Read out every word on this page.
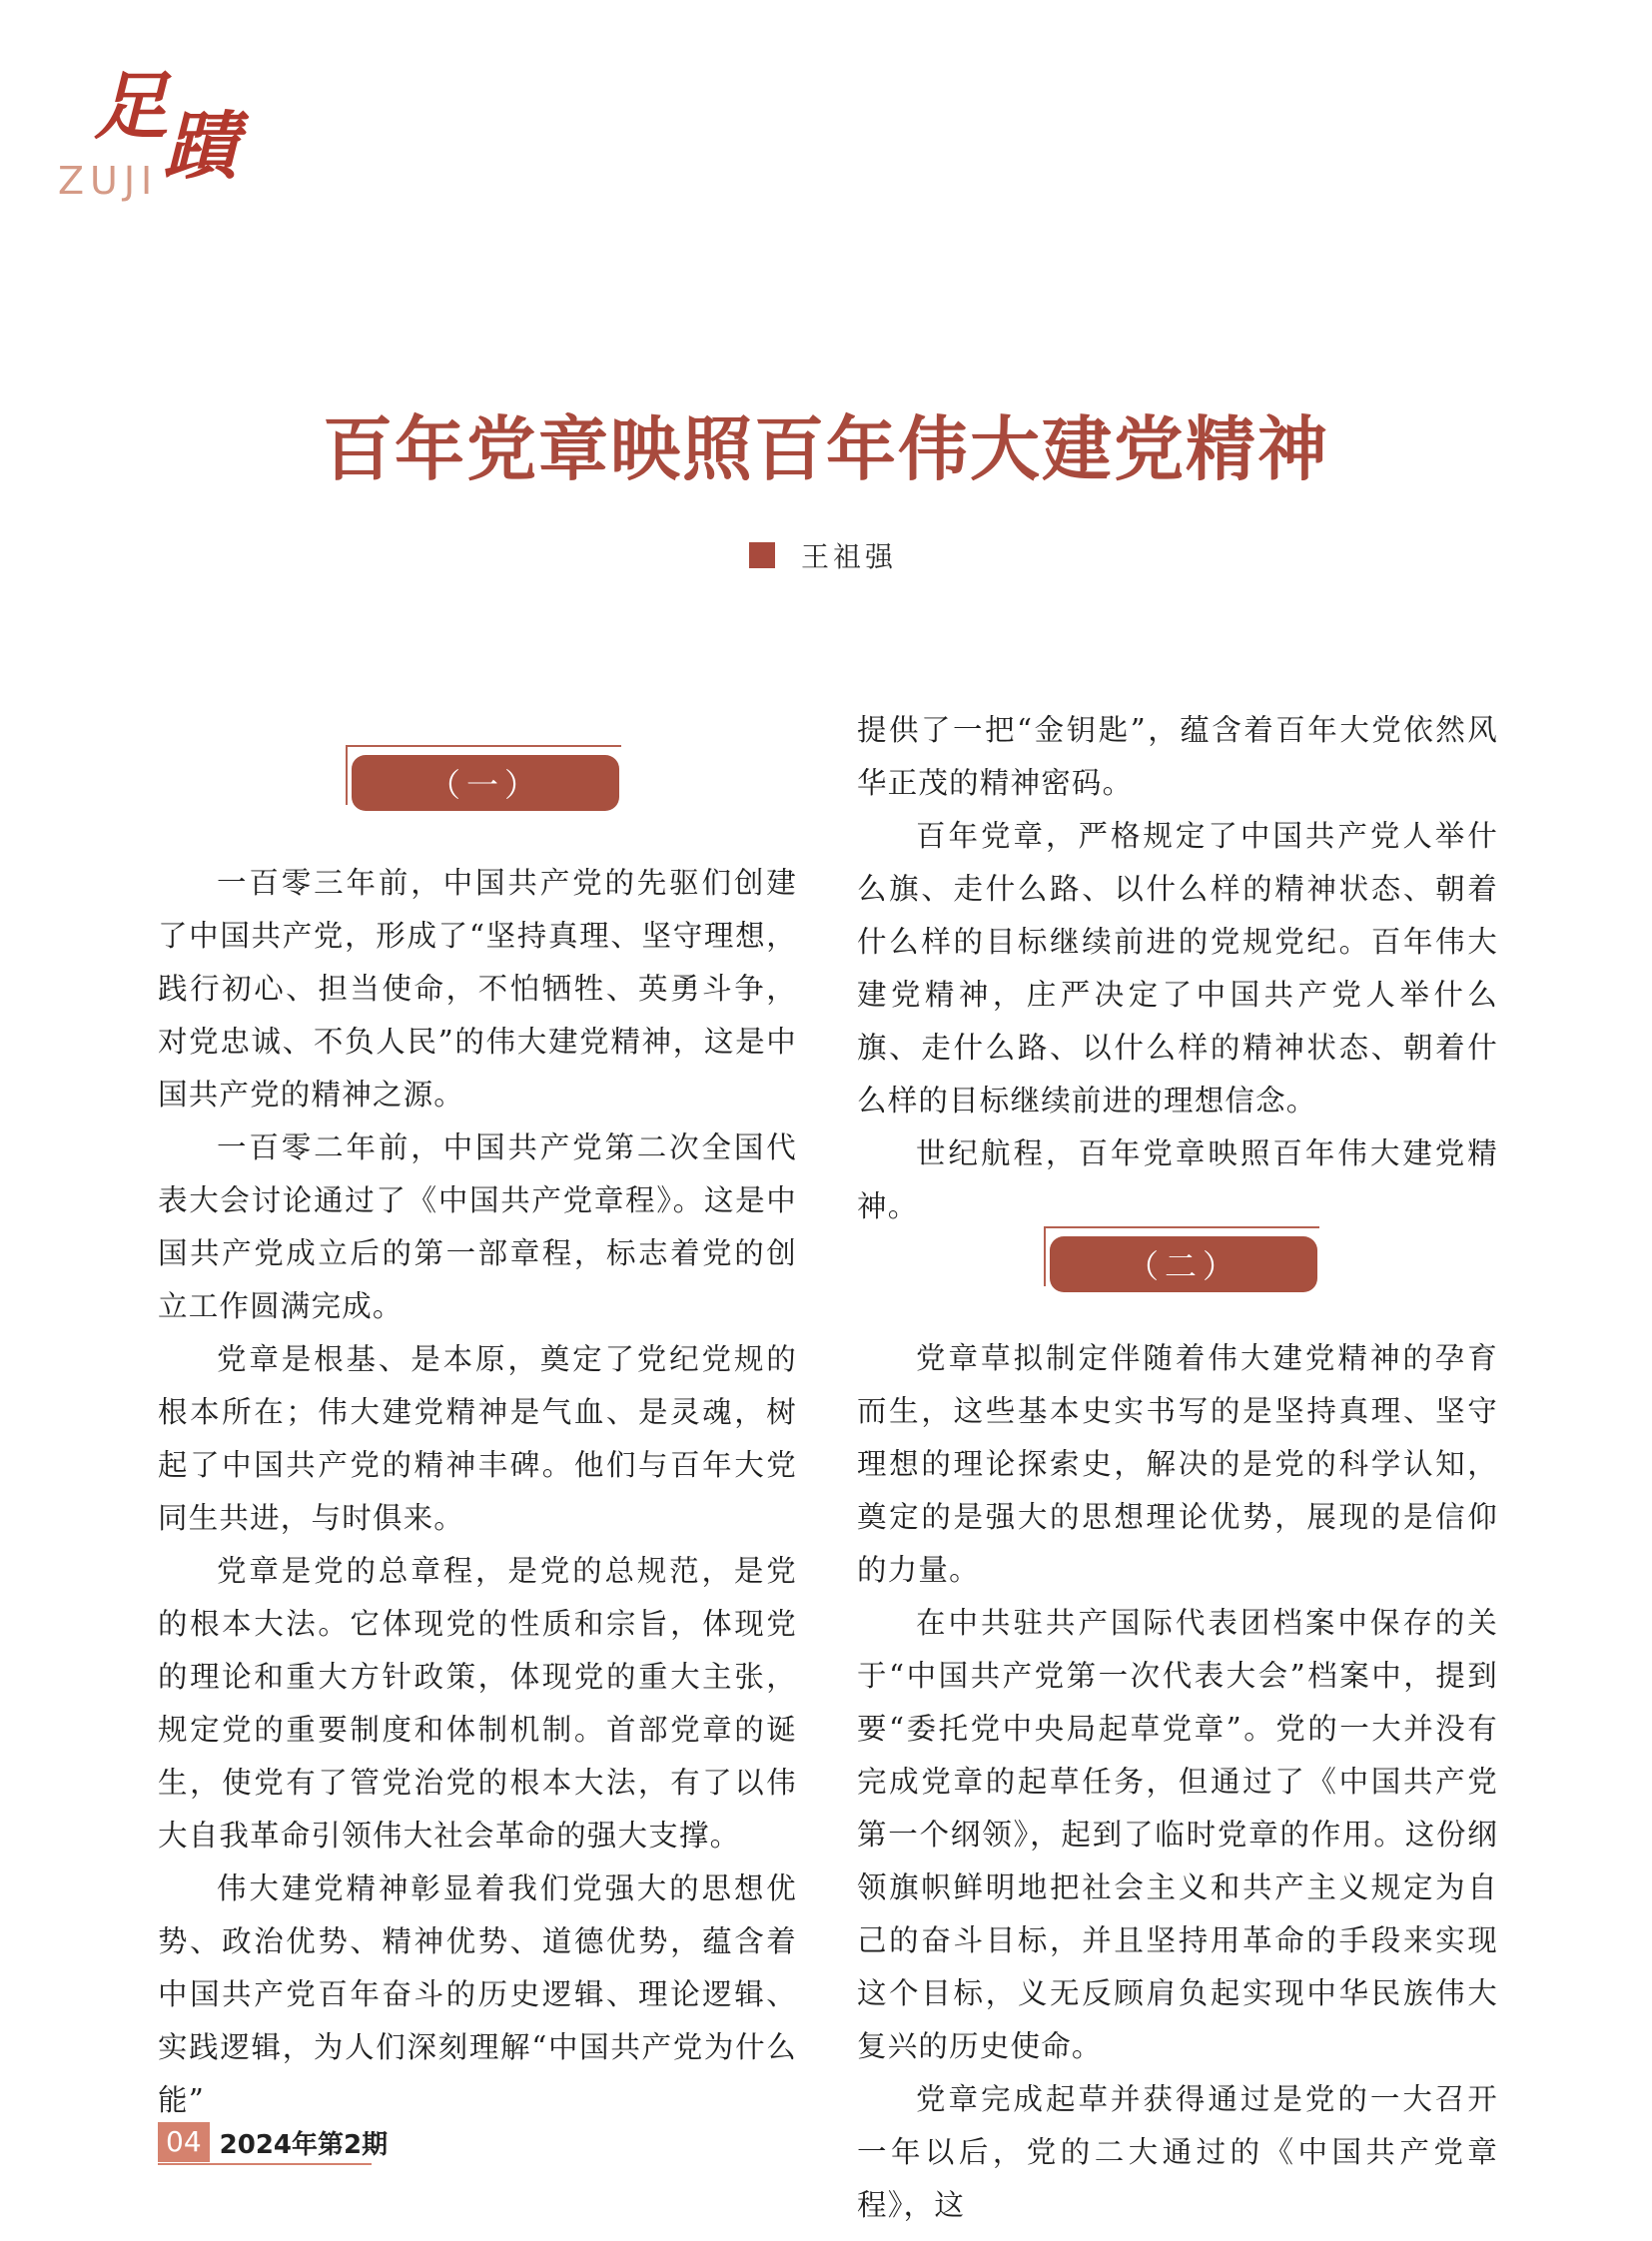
足
蹟
ZUJI
百年党章映照百年伟大建党精神
王祖强
（一）

一百零三年前，中国共产党的先驱们创建了中国共产党，形成了“坚持真理、坚守理想，践行初心、担当使命，不怕牺牲、英勇斗争，对党忠诚、不负人民”的伟大建党精神，这是中国共产党的精神之源。

一百零二年前，中国共产党第二次全国代表大会讨论通过了《中国共产党章程》。这是中国共产党成立后的第一部章程，标志着党的创立工作圆满完成。

党章是根基、是本原，奠定了党纪党规的根本所在；伟大建党精神是气血、是灵魂，树起了中国共产党的精神丰碑。他们与百年大党同生共进，与时俱来。

党章是党的总章程，是党的总规范，是党的根本大法。它体现党的性质和宗旨，体现党的理论和重大方针政策，体现党的重大主张，规定党的重要制度和体制机制。首部党章的诞生，使党有了管党治党的根本大法，有了以伟大自我革命引领伟大社会革命的强大支撑。

伟大建党精神彰显着我们党强大的思想优势、政治优势、精神优势、道德优势，蕴含着中国共产党百年奋斗的历史逻辑、理论逻辑、实践逻辑，为人们深刻理解“中国共产党为什么能”

提供了一把“金钥匙”，蕴含着百年大党依然风华正茂的精神密码。

百年党章，严格规定了中国共产党人举什么旗、走什么路、以什么样的精神状态、朝着什么样的目标继续前进的党规党纪。百年伟大建党精神，庄严决定了中国共产党人举什么旗、走什么路、以什么样的精神状态、朝着什么样的目标继续前进的理想信念。

世纪航程，百年党章映照百年伟大建党精神。

（二）

党章草拟制定伴随着伟大建党精神的孕育而生，这些基本史实书写的是坚持真理、坚守理想的理论探索史，解决的是党的科学认知，奠定的是强大的思想理论优势，展现的是信仰的力量。

在中共驻共产国际代表团档案中保存的关于“中国共产党第一次代表大会”档案中，提到要“委托党中央局起草党章”。党的一大并没有完成党章的起草任务，但通过了《中国共产党第一个纲领》，起到了临时党章的作用。这份纲领旗帜鲜明地把社会主义和共产主义规定为自己的奋斗目标，并且坚持用革命的手段来实现这个目标，义无反顾肩负起实现中华民族伟大复兴的历史使命。

党章完成起草并获得通过是党的一大召开一年以后，党的二大通过的《中国共产党章程》，这

04 2024年第2期
